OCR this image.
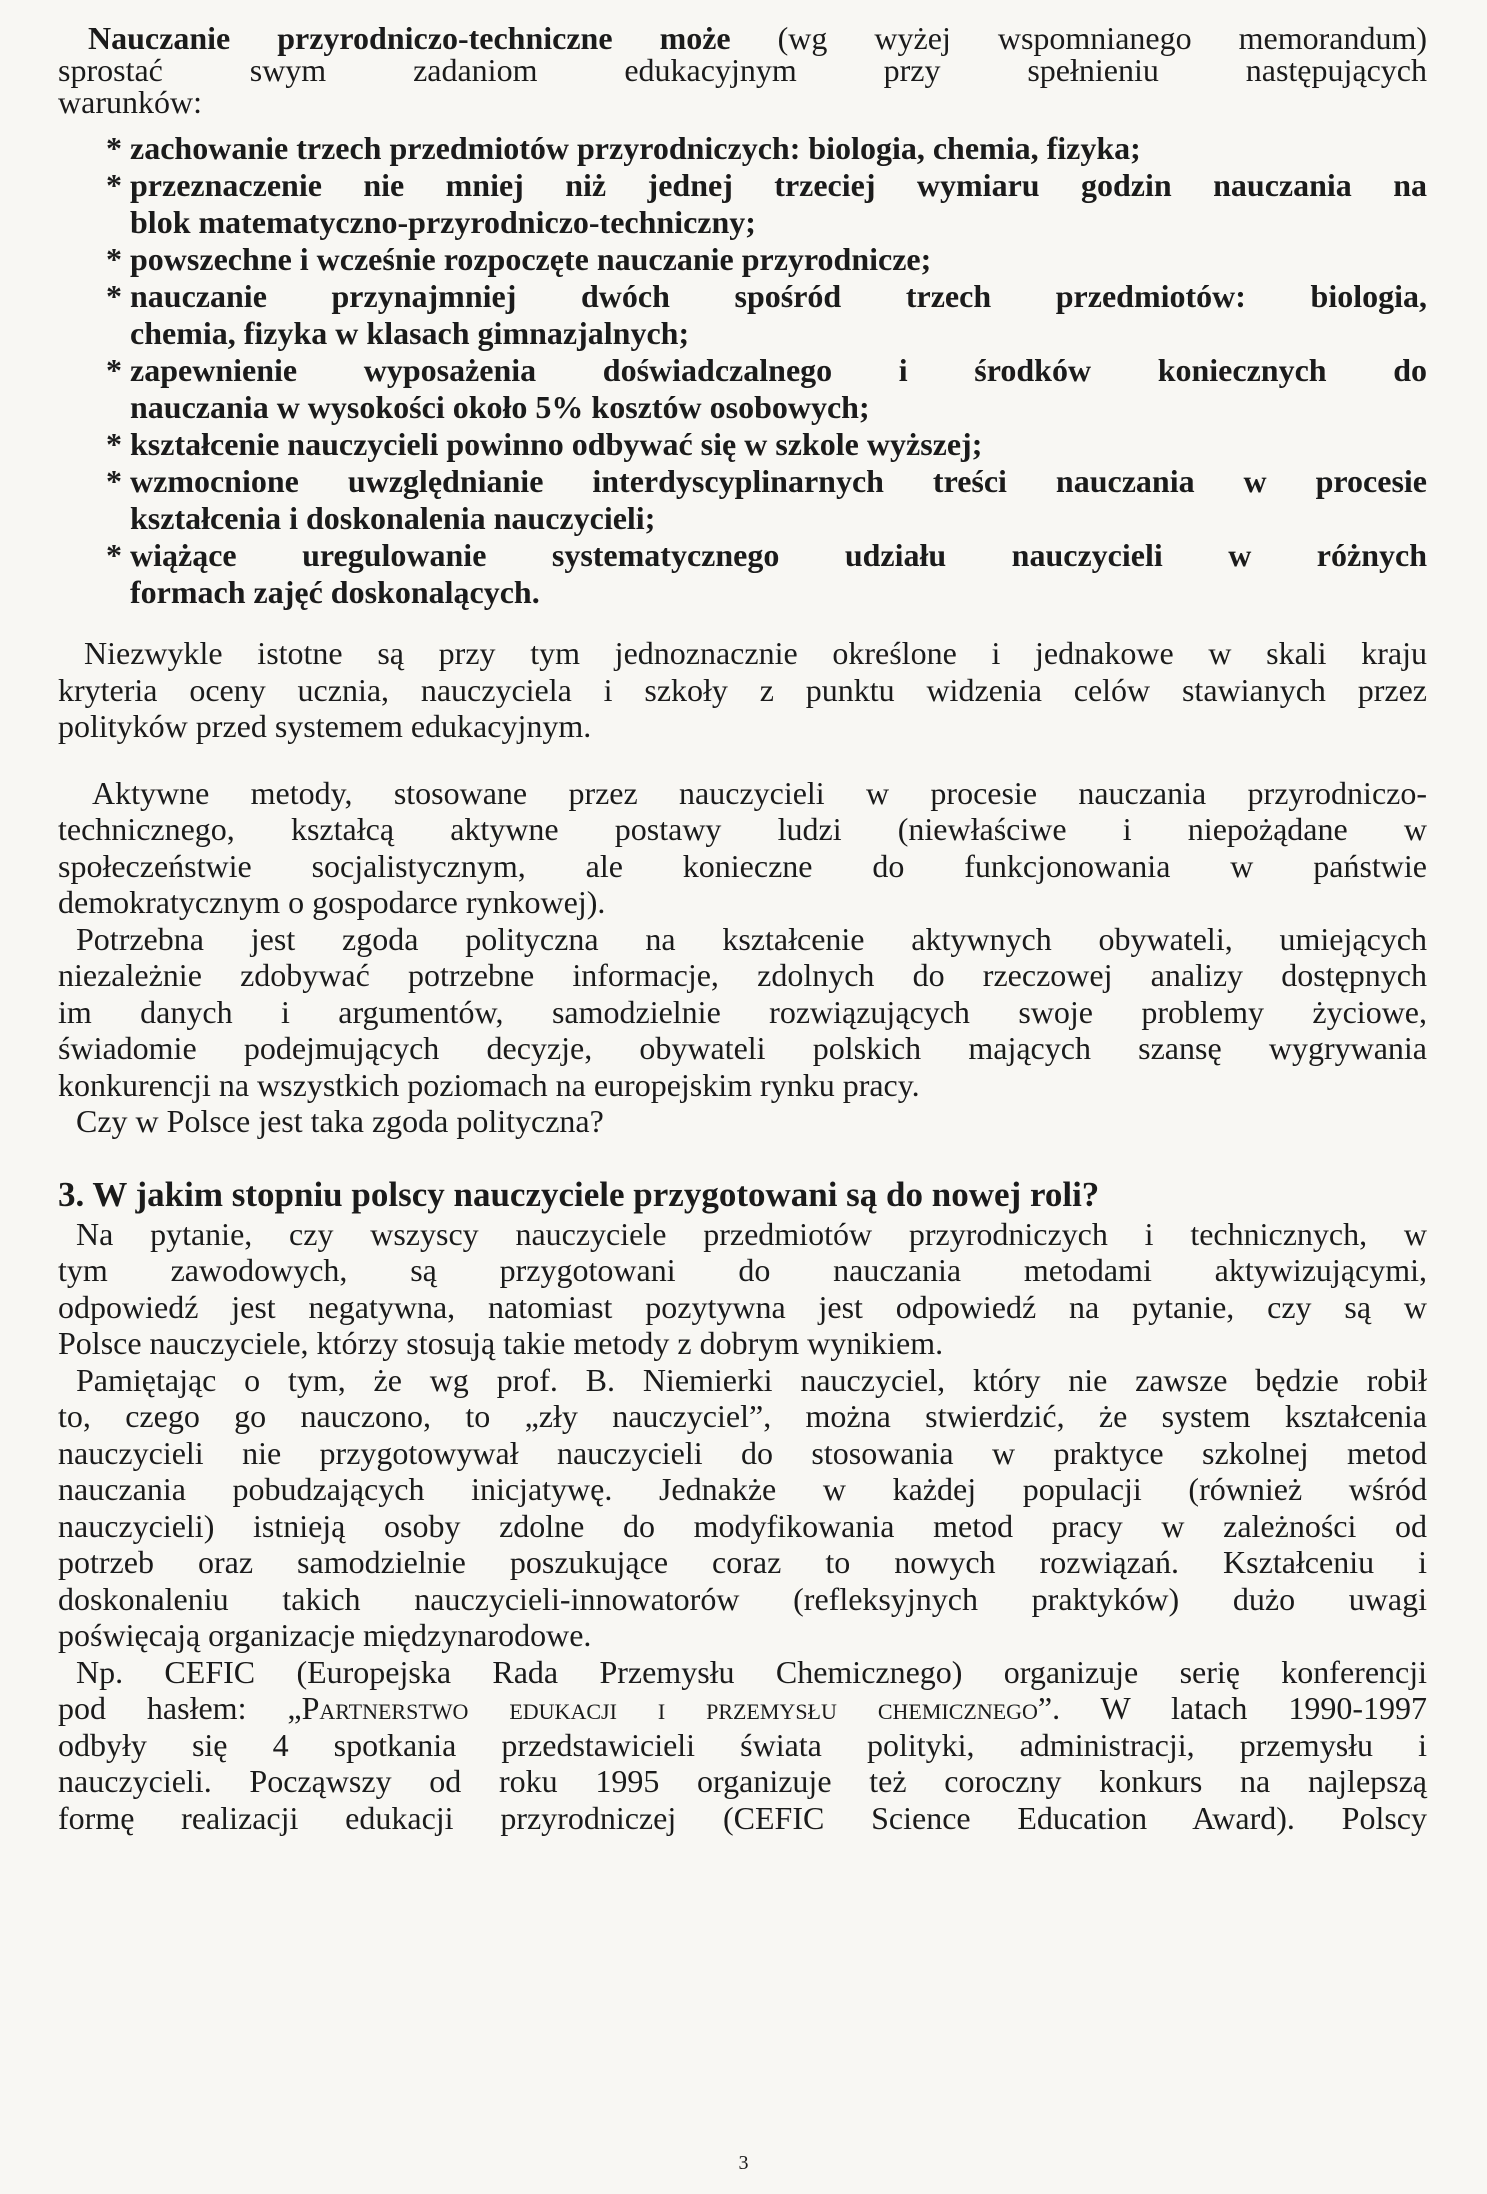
Nauczanie przyrodniczo-techniczne może (wg wyżej wspomnianego memorandum)
sprostać swym zadaniom edukacyjnym przy spełnieniu następujących
warunków:
* zachowanie trzech przedmiotów przyrodniczych: biologia, chemia, fizyka;
* przeznaczenie nie mniej niż jednej trzeciej wymiaru godzin nauczania na
blok matematyczno-przyrodniczo-techniczny;
* powszechne i wcześnie rozpoczęte nauczanie przyrodnicze;
* nauczanie przynajmniej dwóch spośród trzech przedmiotów: biologia,
chemia, fizyka w klasach gimnazjalnych;
* zapewnienie wyposażenia doświadczalnego i środków koniecznych do
nauczania w wysokości około 5% kosztów osobowych;
* kształcenie nauczycieli powinno odbywać się w szkole wyższej;
* wzmocnione uwzględnianie interdyscyplinarnych treści nauczania w procesie
kształcenia i doskonalenia nauczycieli;
* wiążące uregulowanie systematycznego udziału nauczycieli w różnych
formach zajęć doskonalących.

Niezwykle istotne są przy tym jednoznacznie określone i jednakowe w skali kraju

kryteria oceny ucznia, nauczyciela i szkoły z punktu widzenia celów stawianych przez

polityków przed systemem edukacyjnym.

Aktywne metody, stosowane przez nauczycieli w procesie nauczania przyrodniczo-

technicznego, kształcą aktywne postawy ludzi (niewłaściwe i niepożądane w

społeczeństwie socjalistycznym, ale konieczne do funkcjonowania w państwie

demokratycznym o gospodarce rynkowej).

Potrzebna jest zgoda polityczna na kształcenie aktywnych obywateli, umiejących

niezależnie zdobywać potrzebne informacje, zdolnych do rzeczowej analizy dostępnych

im danych i argumentów, samodzielnie rozwiązujących swoje problemy życiowe,

świadomie podejmujących decyzje, obywateli polskich mających szansę wygrywania

konkurencji na wszystkich poziomach na europejskim rynku pracy.

Czy w Polsce jest taka zgoda polityczna?

3. W jakim stopniu polscy nauczyciele przygotowani są do nowej roli?

Na pytanie, czy wszyscy nauczyciele przedmiotów przyrodniczych i technicznych, w

tym zawodowych, są przygotowani do nauczania metodami aktywizującymi,

odpowiedź jest negatywna, natomiast pozytywna jest odpowiedź na pytanie, czy są w

Polsce nauczyciele, którzy stosują takie metody z dobrym wynikiem.

Pamiętając o tym, że wg prof. B. Niemierki nauczyciel, który nie zawsze będzie robił

to, czego go nauczono, to „zły nauczyciel”, można stwierdzić, że system kształcenia

nauczycieli nie przygotowywał nauczycieli do stosowania w praktyce szkolnej metod

nauczania pobudzających inicjatywę. Jednakże w każdej populacji (również wśród

nauczycieli) istnieją osoby zdolne do modyfikowania metod pracy w zależności od

potrzeb oraz samodzielnie poszukujące coraz to nowych rozwiązań. Kształceniu i

doskonaleniu takich nauczycieli-innowatorów (refleksyjnych praktyków) dużo uwagi

poświęcają organizacje międzynarodowe.

Np. CEFIC (Europejska Rada Przemysłu Chemicznego) organizuje serię konferencji

pod hasłem: „Partnerstwo edukacji i przemysłu chemicznego”. W latach 1990-1997

odbyły się 4 spotkania przedstawicieli świata polityki, administracji, przemysłu i

nauczycieli. Począwszy od roku 1995 organizuje też coroczny konkurs na najlepszą

formę realizacji edukacji przyrodniczej (CEFIC Science Education Award). Polscy

3
